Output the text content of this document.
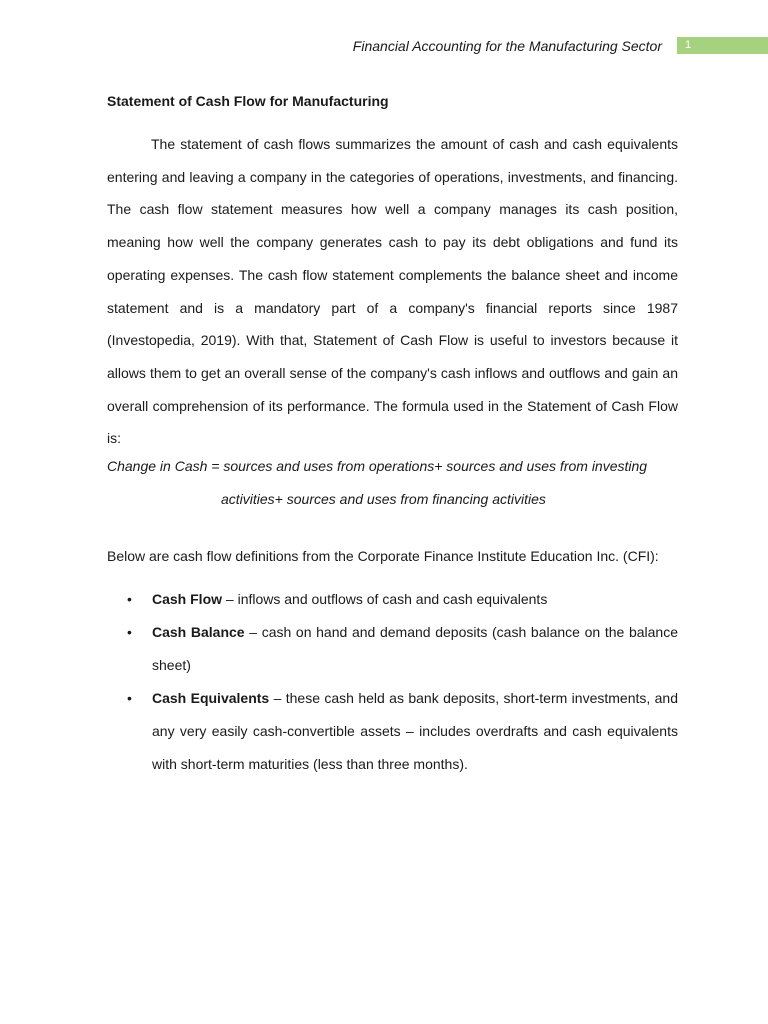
Financial Accounting for the Manufacturing Sector 1
Statement of Cash Flow for Manufacturing

The statement of cash flows summarizes the amount of cash and cash equivalents entering and leaving a company in the categories of operations, investments, and financing. The cash flow statement measures how well a company manages its cash position, meaning how well the company generates cash to pay its debt obligations and fund its operating expenses. The cash flow statement complements the balance sheet and income statement and is a mandatory part of a company's financial reports since 1987 (Investopedia, 2019). With that, Statement of Cash Flow is useful to investors because it allows them to get an overall sense of the company's cash inflows and outflows and gain an overall comprehension of its performance. The formula used in the Statement of Cash Flow is:

Change in Cash = sources and uses from operations+ sources and uses from investing
activities+ sources and uses from financing activities

Below are cash flow definitions from the Corporate Finance Institute Education Inc. (CFI):

• Cash Flow – inflows and outflows of cash and cash equivalents
• Cash Balance – cash on hand and demand deposits (cash balance on the balance sheet)
• Cash Equivalents – these cash held as bank deposits, short-term investments, and any very easily cash-convertible assets – includes overdrafts and cash equivalents with short-term maturities (less than three months).
